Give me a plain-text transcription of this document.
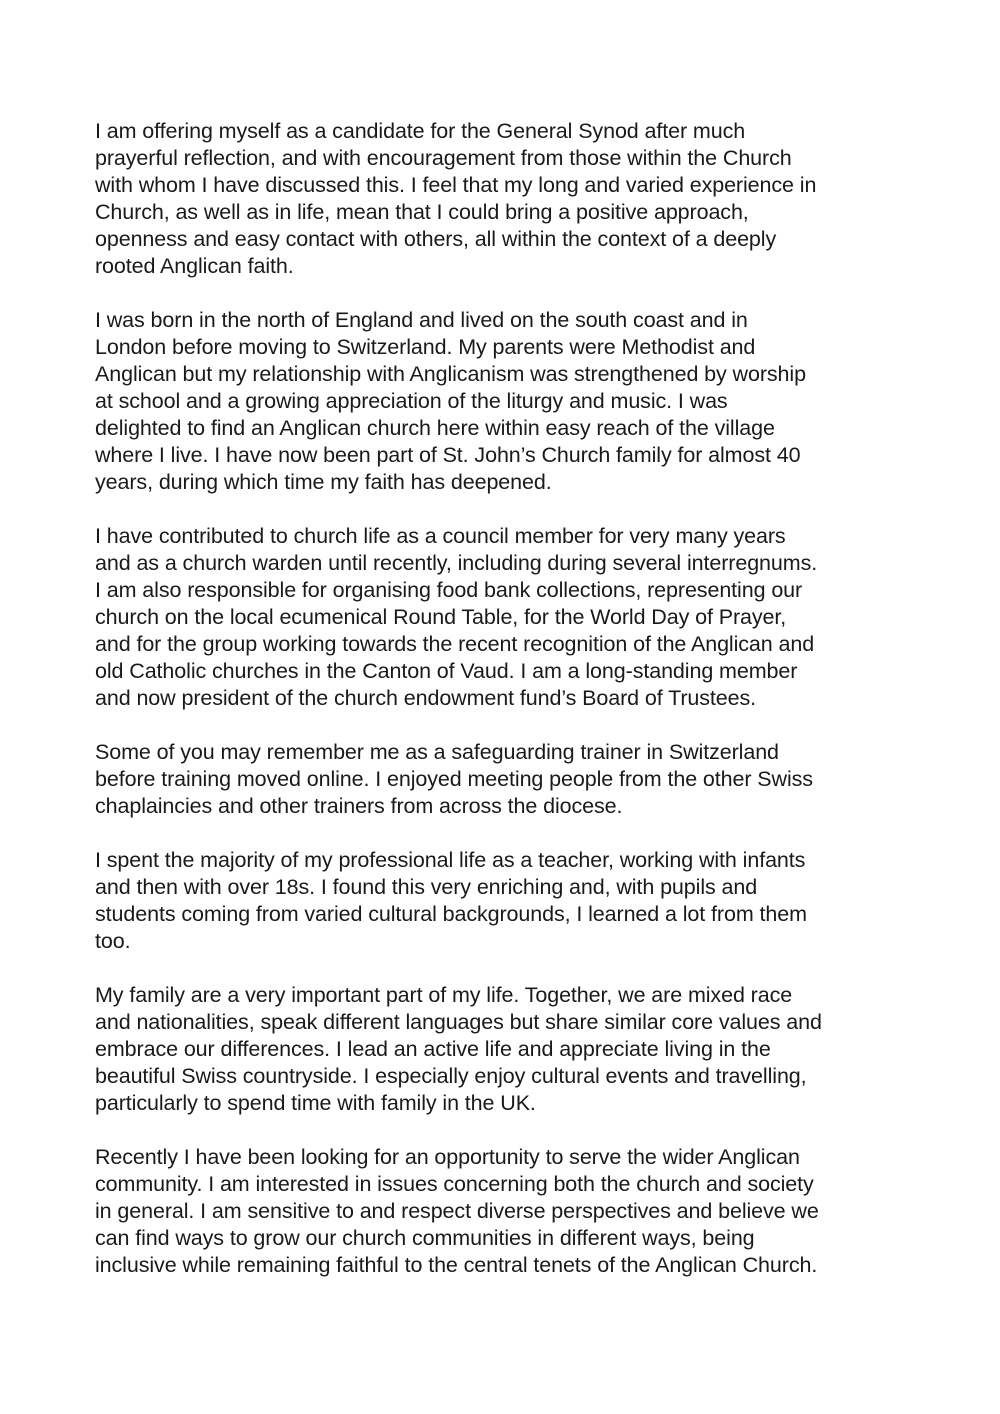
I am offering myself as a candidate for the General Synod after much
prayerful reflection, and with encouragement from those within the Church
with whom I have discussed this. I feel that my long and varied experience in
Church, as well as in life, mean that I could bring a positive approach,
openness and easy contact with others, all within the context of a deeply
rooted Anglican faith.

I was born in the north of England and lived on the south coast and in
London before moving to Switzerland. My parents were Methodist and
Anglican but my relationship with Anglicanism was strengthened by worship
at school and a growing appreciation of the liturgy and music. I was
delighted to find an Anglican church here within easy reach of the village
where I live. I have now been part of St. John’s Church family for almost 40
years, during which time my faith has deepened.

I have contributed to church life as a council member for very many years
and as a church warden until recently, including during several interregnums.
I am also responsible for organising food bank collections, representing our
church on the local ecumenical Round Table, for the World Day of Prayer,
and for the group working towards the recent recognition of the Anglican and
old Catholic churches in the Canton of Vaud. I am a long-standing member
and now president of the church endowment fund’s Board of Trustees.

Some of you may remember me as a safeguarding trainer in Switzerland
before training moved online. I enjoyed meeting people from the other Swiss
chaplaincies and other trainers from across the diocese.

I spent the majority of my professional life as a teacher, working with infants
and then with over 18s. I found this very enriching and, with pupils and
students coming from varied cultural backgrounds, I learned a lot from them
too.

My family are a very important part of my life. Together, we are mixed race
and nationalities, speak different languages but share similar core values and
embrace our differences. I lead an active life and appreciate living in the
beautiful Swiss countryside. I especially enjoy cultural events and travelling,
particularly to spend time with family in the UK.

Recently I have been looking for an opportunity to serve the wider Anglican
community. I am interested in issues concerning both the church and society
in general. I am sensitive to and respect diverse perspectives and believe we
can find ways to grow our church communities in different ways, being
inclusive while remaining faithful to the central tenets of the Anglican Church.
